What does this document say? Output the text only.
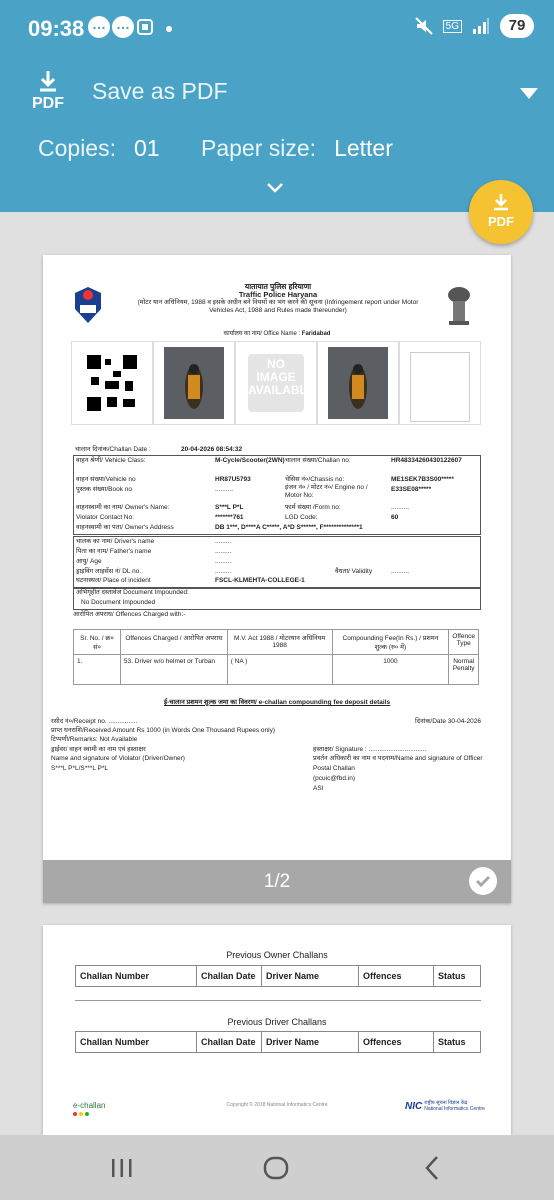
09:38 … …	5G	79
PDF Save as PDF
Copies: 01 Paper size: Letter
PDF
यातायात पुलिस हरियाणा
Traffic Police Haryana
(मोटर यान अधिनियम, 1988 व इसके अधीन बने नियमों का भंग करने की सूचना (Infringement report under Motor Vehicles Act, 1988 and Rules made thereunder)
कार्यालय का नाम/ Office Name : Faridabad
NO IMAGE AVAILABLE
चालान दिनांक/Challan Date :	20-04-2026 08:54:32
वाहन श्रेणी/ Vehicle Class:	M-Cycle/Scooter(2WN) चालान संख्या/Challan no:	HR48334260430122607
वाहन संख्या/Vehicle no	HR87U5793	चेसिस नं०/Chassis no:	ME1SEK7B3S00*****
पुस्तक संख्या/Book no	..........	इंजन नं० / मोटर नं०/ Engine no / Motor No:
E33SE08*****
वाहनस्वामी का नाम/ Owner's Name:	S***L P*L	फार्म संख्या /Form no:	..........
Violator Contact No:	*******761	LGD Code:	60
वाहनस्वामी का पता/ Owner's Address	DB 1***, D****A C*****, A*D S******, F**************1
चालक का नाम/ Driver's name	.........
पिता का नाम/ Father's name	.........
आयु/ Age	.........
ड्राइविंग लाइसेंस नं/ DL no.	.........	वैधता/ Validity	..........
घटनास्थल/ Place of incident	FSCL-KLMEHTA-COLLEGE-1
अभिगृहीत दस्तावेज Document Impounded:
No Document Impounded
आरोपित अपराध/ Offences Charged with:-
Sr. No. / क्र० सं०	Offences Charged / आरोपित अपराध	M.V. Act 1988 / मोटरयान अधिनियम 1988	Compounding Fee(In Rs.) / प्रशमन शुल्क (रु० में)	Offence Type
1.	53. Driver w/o helmet or Turban	( NA )	1000	Normal Penalty
ई-चालान प्रशमन शुल्क जमा का विवरण/ e-challan compounding fee deposit details
रसीद नं०/Receipt no. ................	दिनांक/Date 30-04-2026
प्राप्त धनराशि/Received Amount Rs 1000 (in Words One Thousand Rupees only)
टिप्पणी/Remarks: Not Available
ड्राईवर/ वाहन स्वामी का नाम एवं हस्ताक्षर
Name and signature of Violator (Driver/Owner)
S***L P*L/S***L P*L
हस्ताक्षर/ Signature : ................................
प्रवर्तन अधिकारी का नाम व पदनाम/Name and signature of Officer
Postal Challan
(pcuic@fbd.in)
ASI
1/2
Previous Owner Challans
Challan Number	Challan Date	Driver Name	Offences	Status
Previous Driver Challans
Challan Number	Challan Date	Driver Name	Offences	Status
e-challan	Copyright © 2018 National Informatics Centre	NIC राष्ट्रीय सूचना विज्ञान केंद्र
National Informatics Centre
